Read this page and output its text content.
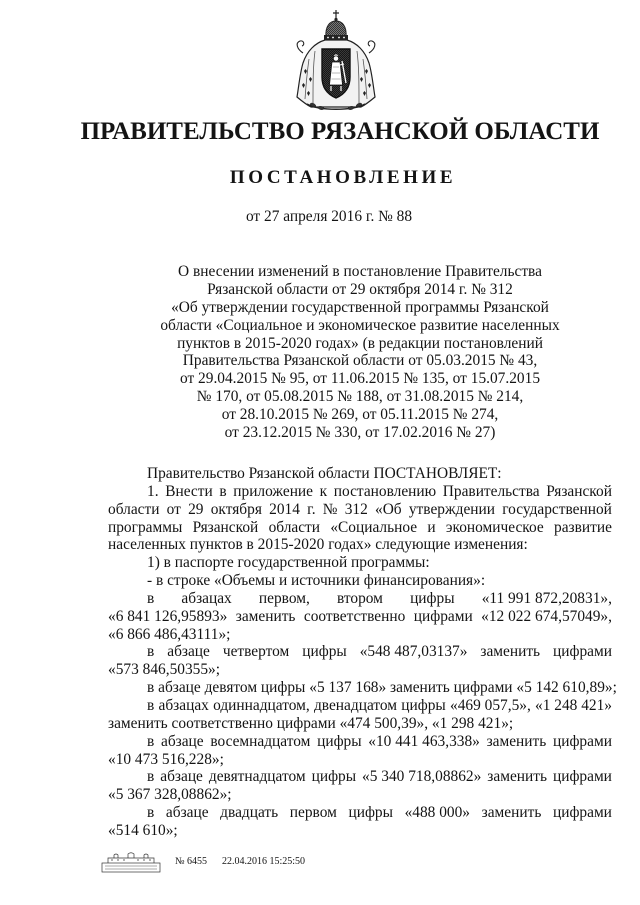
ПРАВИТЕЛЬСТВО РЯЗАНСКОЙ ОБЛАСТИ
ПОСТАНОВЛЕНИЕ
от 27 апреля 2016 г. № 88
О внесении изменений в постановление Правительства
Рязанской области от 29 октября 2014 г. № 312
«Об утверждении государственной программы Рязанской
области «Социальное и экономическое развитие населенных
пунктов в 2015-2020 годах» (в редакции постановлений
Правительства Рязанской области от 05.03.2015 № 43,
от 29.04.2015 № 95, от 11.06.2015 № 135, от 15.07.2015
№ 170, от 05.08.2015 № 188, от 31.08.2015 № 214,
от 28.10.2015 № 269, от 05.11.2015 № 274,
от 23.12.2015 № 330, от 17.02.2016 № 27)
Правительство Рязанской области ПОСТАНОВЛЯЕТ:
1. Внести в приложение к постановлению Правительства Рязанской
области от 29 октября 2014 г. № 312 «Об утверждении государственной
программы Рязанской области «Социальное и экономическое развитие
населенных пунктов в 2015-2020 годах» следующие изменения:
1) в паспорте государственной программы:
- в строке «Объемы и источники финансирования»:
в абзацах первом, втором цифры «11 991 872,20831»,
«6 841 126,95893» заменить соответственно цифрами «12 022 674,57049»,
«6 866 486,43111»;
в абзаце четвертом цифры «548 487,03137» заменить цифрами
«573 846,50355»;
в абзаце девятом цифры «5 137 168» заменить цифрами «5 142 610,89»;
в абзацах одиннадцатом, двенадцатом цифры «469 057,5», «1 248 421»
заменить соответственно цифрами «474 500,39», «1 298 421»;
в абзаце восемнадцатом цифры «10 441 463,338» заменить цифрами
«10 473 516,228»;
в абзаце девятнадцатом цифры «5 340 718,08862» заменить цифрами
«5 367 328,08862»;
в абзаце двадцать первом цифры «488 000» заменить цифрами
«514 610»;
№ 6455 22.04.2016 15:25:50
